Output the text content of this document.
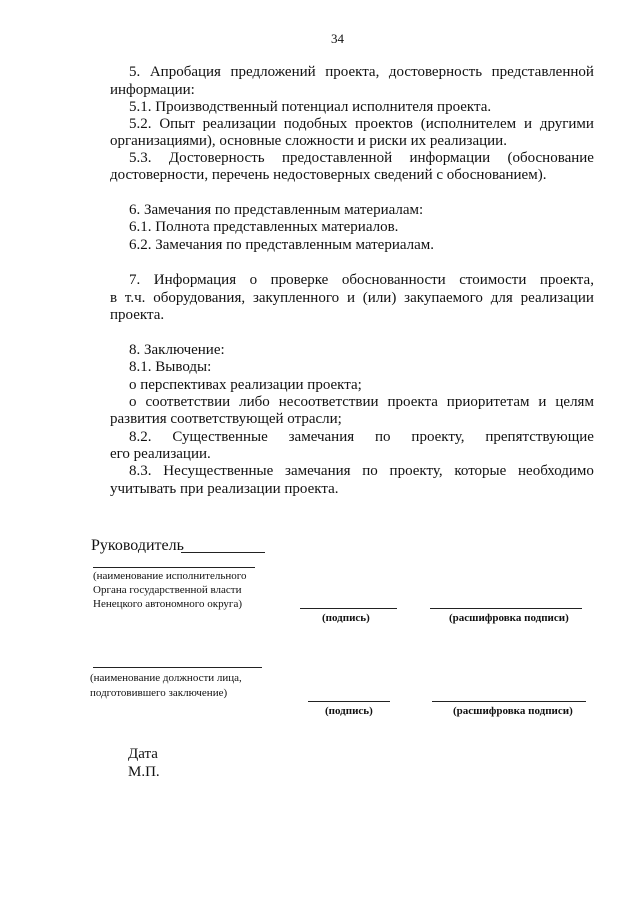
34
5. Апробация предложений проекта, достоверность представленной
информации:
5.1. Производственный потенциал исполнителя проекта.
5.2. Опыт реализации подобных проектов (исполнителем и другими
организациями), основные сложности и риски их реализации.
5.3. Достоверность предоставленной информации (обоснование
достоверности, перечень недостоверных сведений с обоснованием).
6. Замечания по представленным материалам:
6.1. Полнота представленных материалов.
6.2. Замечания по представленным материалам.
7. Информация о проверке обоснованности стоимости проекта,
в т.ч. оборудования, закупленного и (или) закупаемого для реализации
проекта.
8. Заключение:
8.1. Выводы:
о перспективах реализации проекта;
о соответствии либо несоответствии проекта приоритетам и целям
развития соответствующей отрасли;
8.2. Существенные замечания по проекту, препятствующие
его реализации.
8.3. Несущественные замечания по проекту, которые необходимо
учитывать при реализации проекта.
Руководитель
(наименование исполнительного
Органа государственной власти
Ненецкого автономного округа)
(подпись)	(расшифровка подписи)
(наименование должности лица,
подготовившего заключение)
(подпись)	(расшифровка подписи)
Дата
М.П.
